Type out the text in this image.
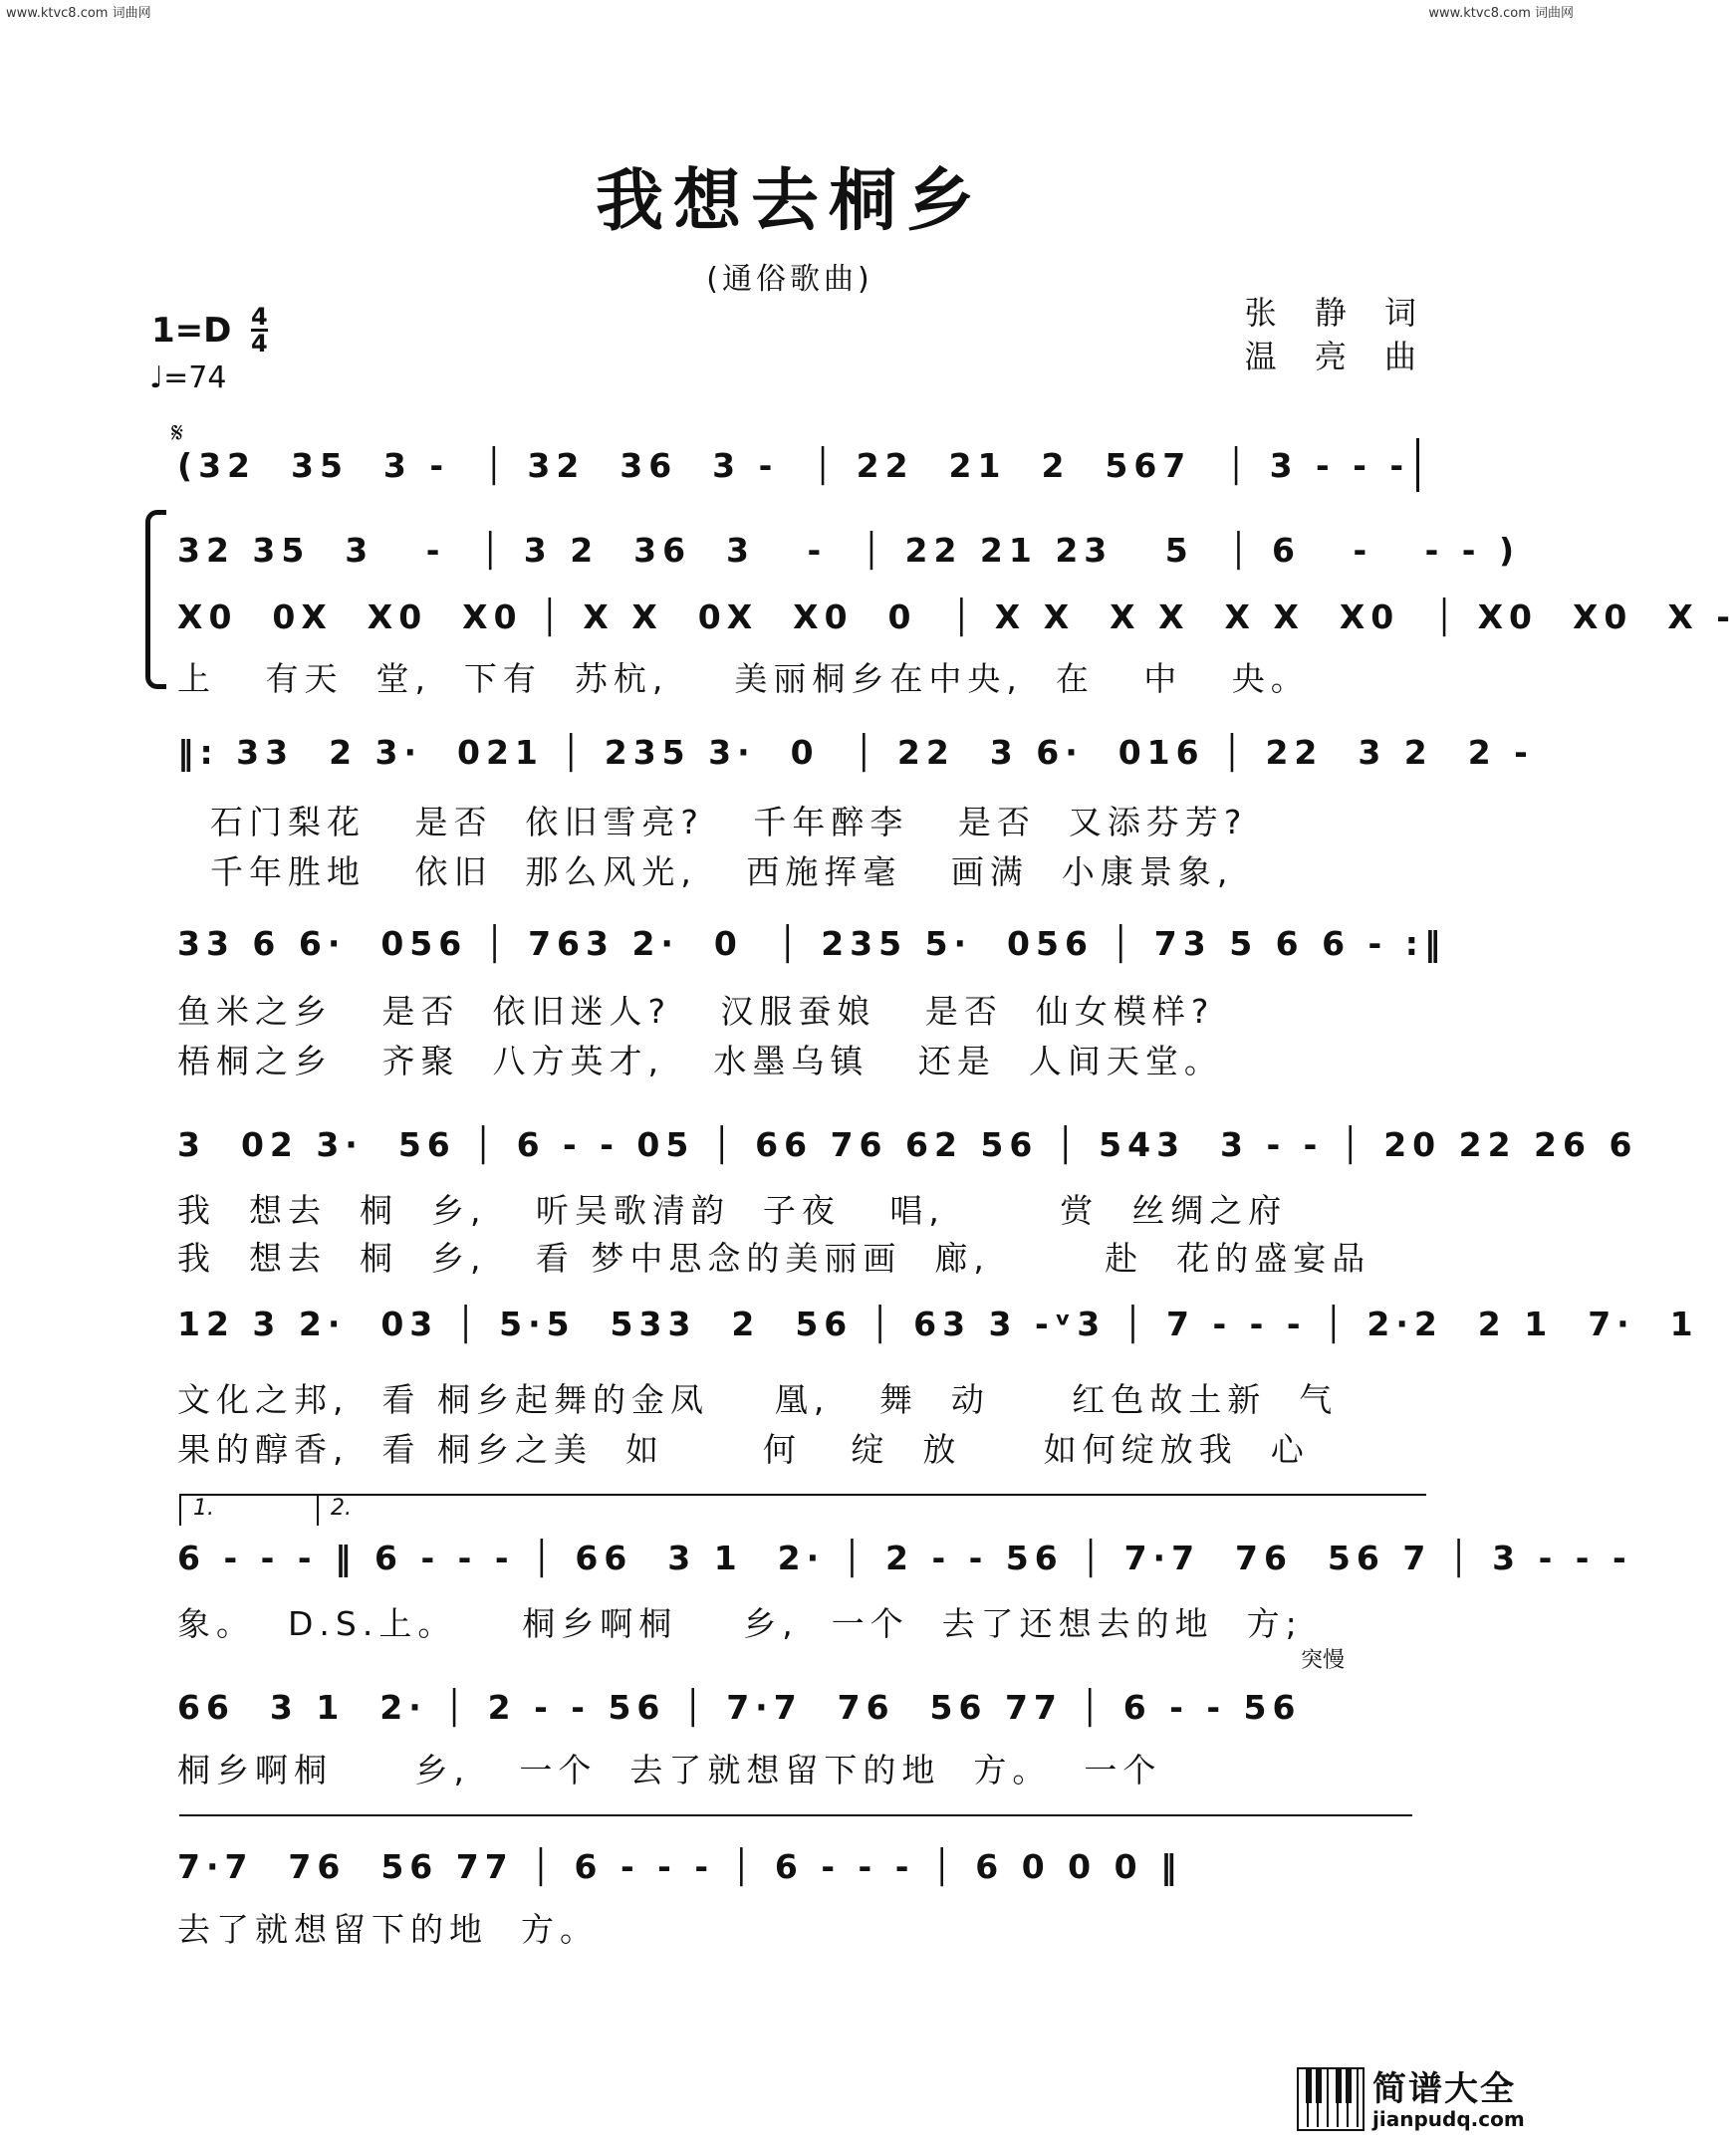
www.ktvc8.com 词曲网	www.ktvc8.com 词曲网
我想去桐乡
(通俗歌曲)
张 静 词
温 亮 曲
1=D 4
4
♩=74
𝄋
(32  35  3 -  │ 32  36  3 -  │ 22  21  2  567  │ 3 - - -
32 35  3   -  │ 3 2  36  3   -  │ 22 21 23   5  │ 6   -   - - )
X0  0X  X0  X0 │ X X  0X  X0  0  │ X X  X X  X X  X0  │ X0  X0  X -
上   有天  堂,  下有  苏杭,    美丽桐乡在中央,  在   中   央。
‖: 33  2 3·  021 │ 235 3·  0  │ 22  3 6·  016 │ 22  3 2  2 -
石门梨花   是否  依旧雪亮?   千年醉李   是否  又添芬芳?
千年胜地   依旧  那么风光,   西施挥毫   画满  小康景象,
33 6 6·  056 │ 763 2·  0  │ 235 5·  056 │ 73 5 6 6 - :‖
鱼米之乡   是否  依旧迷人?   汉服蚕娘   是否  仙女模样?
梧桐之乡   齐聚  八方英才,   水墨乌镇   还是  人间天堂。
3  02 3·  56 │ 6 - - 05 │ 66 76 62 56 │ 543  3 - - │ 20 22 26 6
我  想去  桐  乡,   听吴歌清韵  子夜   唱,       赏  丝绸之府
我  想去  桐  乡,   看 梦中思念的美丽画  廊,       赴  花的盛宴品
12 3 2·  03 │ 5·5  533  2  56 │ 63 3 -ᵛ3 │ 7 - - - │ 2·2  2 1  7·  1
文化之邦,  看 桐乡起舞的金凤    凰,   舞  动     红色故土新  气
果的醇香,  看 桐乡之美  如      何   绽  放     如何绽放我  心
1.	2.
6 - - - ‖ 6 - - - │ 66  3 1  2· │ 2 - - 56 │ 7·7  76  56 7 │ 3 - - -
象。  D.S.上。    桐乡啊桐    乡,  一个  去了还想去的地  方;
突慢
66  3 1  2· │ 2 - - 56 │ 7·7  76  56 77 │ 6 - - 56
桐乡啊桐     乡,   一个  去了就想留下的地  方。  一个
7·7  76  56 77 │ 6 - - - │ 6 - - - │ 6 0 0 0 ‖
去了就想留下的地  方。
简谱大全
jianpudq.com
